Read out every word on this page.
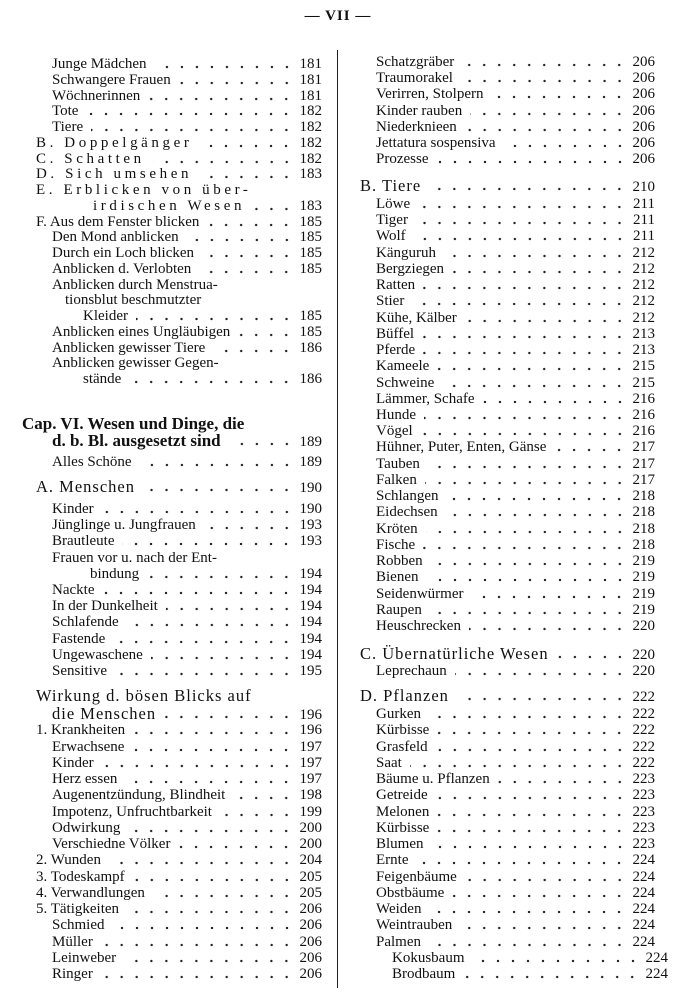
— VII —
Junge Mädchen	181
Schwangere Frauen	181
Wöchnerinnen	181
Tote	182
Tiere	182
B. Doppelgänger	182
C. Schatten	182
D. Sich umsehen	183
E. Erblicken von über-
irdischen Wesen	183
F. Aus dem Fenster blicken	185
Den Mond anblicken	185
Durch ein Loch blicken	185
Anblicken d. Verlobten	185
Anblicken durch Menstrua-
tionsblut beschmutzter
Kleider	185
Anblicken eines Ungläubigen	185
Anblicken gewisser Tiere	186
Anblicken gewisser Gegen-
stände	186
Cap. VI. Wesen und Dinge, die
d. b. Bl. ausgesetzt sind	189
Alles Schöne	189
A. Menschen	190
Kinder	190
Jünglinge u. Jungfrauen	193
Brautleute	193
Frauen vor u. nach der Ent-
bindung	194
Nackte	194
In der Dunkelheit	194
Schlafende	194
Fastende	194
Ungewaschene	194
Sensitive	195
Wirkung d. bösen Blicks auf
die Menschen	196
1. Krankheiten	196
Erwachsene	197
Kinder	197
Herz essen	197
Augenentzündung, Blindheit	198
Impotenz, Unfruchtbarkeit	199
Odwirkung	200
Verschiedne Völker	200
2. Wunden	204
3. Todeskampf	205
4. Verwandlungen	205
5. Tätigkeiten	206
Schmied	206
Müller	206
Leinweber	206
Ringer	206
Schatzgräber	206
Traumorakel	206
Verirren, Stolpern	206
Kinder rauben	206
Niederknieen	206
Jettatura sospensiva	206
Prozesse	206
B. Tiere	210
Löwe	211
Tiger	211
Wolf	211
Känguruh	212
Bergziegen	212
Ratten	212
Stier	212
Kühe, Kälber	212
Büffel	213
Pferde	213
Kameele	215
Schweine	215
Lämmer, Schafe	216
Hunde	216
Vögel	216
Hühner, Puter, Enten, Gänse	217
Tauben	217
Falken	217
Schlangen	218
Eidechsen	218
Kröten	218
Fische	218
Robben	219
Bienen	219
Seidenwürmer	219
Raupen	219
Heuschrecken	220
C. Übernatürliche Wesen	220
Leprechaun	220
D. Pflanzen	222
Gurken	222
Kürbisse	222
Grasfeld	222
Saat	222
Bäume u. Pflanzen	223
Getreide	223
Melonen	223
Kürbisse	223
Blumen	223
Ernte	224
Feigenbäume	224
Obstbäume	224
Weiden	224
Weintrauben	224
Palmen	224
Kokusbaum	224
Brodbaum	224
